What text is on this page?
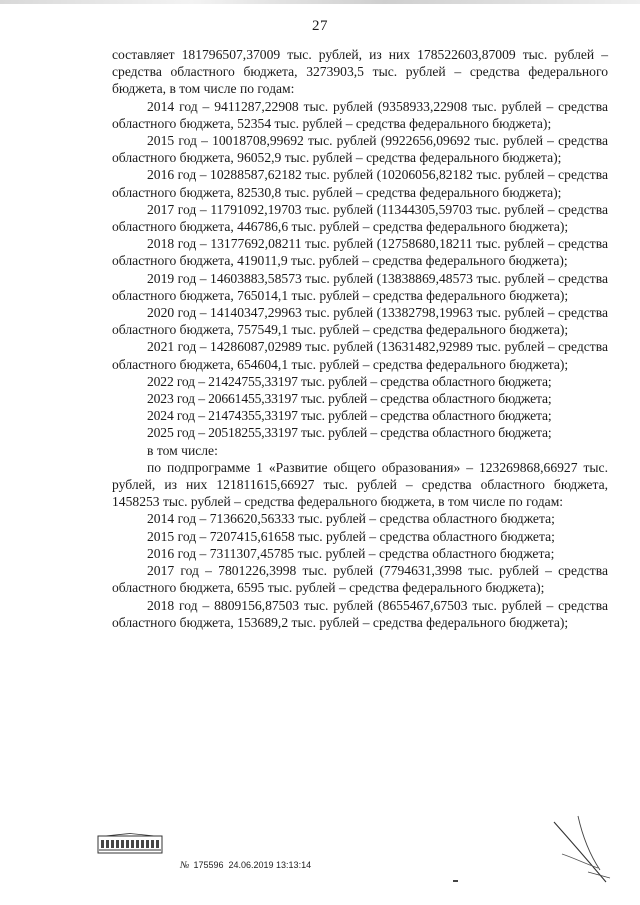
27

составляет 181796507,37009 тыс. рублей, из них 178522603,87009 тыс. рублей – средства областного бюджета, 3273903,5 тыс. рублей – средства федерального бюджета, в том числе по годам:

2014 год – 9411287,22908 тыс. рублей (9358933,22908 тыс. рублей – средства областного бюджета, 52354 тыс. рублей – средства федерального бюджета);

2015 год – 10018708,99692 тыс. рублей (9922656,09692 тыс. рублей – средства областного бюджета, 96052,9 тыс. рублей – средства федерального бюджета);

2016 год – 10288587,62182 тыс. рублей (10206056,82182 тыс. рублей – средства областного бюджета, 82530,8 тыс. рублей – средства федерального бюджета);

2017 год – 11791092,19703 тыс. рублей (11344305,59703 тыс. рублей – средства областного бюджета, 446786,6 тыс. рублей – средства федерального бюджета);

2018 год – 13177692,08211 тыс. рублей (12758680,18211 тыс. рублей – средства областного бюджета, 419011,9 тыс. рублей – средства федерального бюджета);

2019 год – 14603883,58573 тыс. рублей (13838869,48573 тыс. рублей – средства областного бюджета, 765014,1 тыс. рублей – средства федерального бюджета);

2020 год – 14140347,29963 тыс. рублей (13382798,19963 тыс. рублей – средства областного бюджета, 757549,1 тыс. рублей – средства федерального бюджета);

2021 год – 14286087,02989 тыс. рублей (13631482,92989 тыс. рублей – средства областного бюджета, 654604,1 тыс. рублей – средства федерального бюджета);

2022 год – 21424755,33197 тыс. рублей – средства областного бюджета;

2023 год – 20661455,33197 тыс. рублей – средства областного бюджета;

2024 год – 21474355,33197 тыс. рублей – средства областного бюджета;

2025 год – 20518255,33197 тыс. рублей – средства областного бюджета;

в том числе:

по подпрограмме 1 «Развитие общего образования» – 123269868,66927 тыс. рублей, из них 121811615,66927 тыс. рублей – средства областного бюджета, 1458253 тыс. рублей – средства федерального бюджета, в том числе по годам:

2014 год – 7136620,56333 тыс. рублей – средства областного бюджета;

2015 год – 7207415,61658 тыс. рублей – средства областного бюджета;

2016 год – 7311307,45785 тыс. рублей – средства областного бюджета;

2017 год – 7801226,3998 тыс. рублей (7794631,3998 тыс. рублей – средства областного бюджета, 6595 тыс. рублей – средства федерального бюджета);

2018 год – 8809156,87503 тыс. рублей (8655467,67503 тыс. рублей – средства областного бюджета, 153689,2 тыс. рублей – средства федерального бюджета);

№ 175596 24.06.2019 13:13:14
